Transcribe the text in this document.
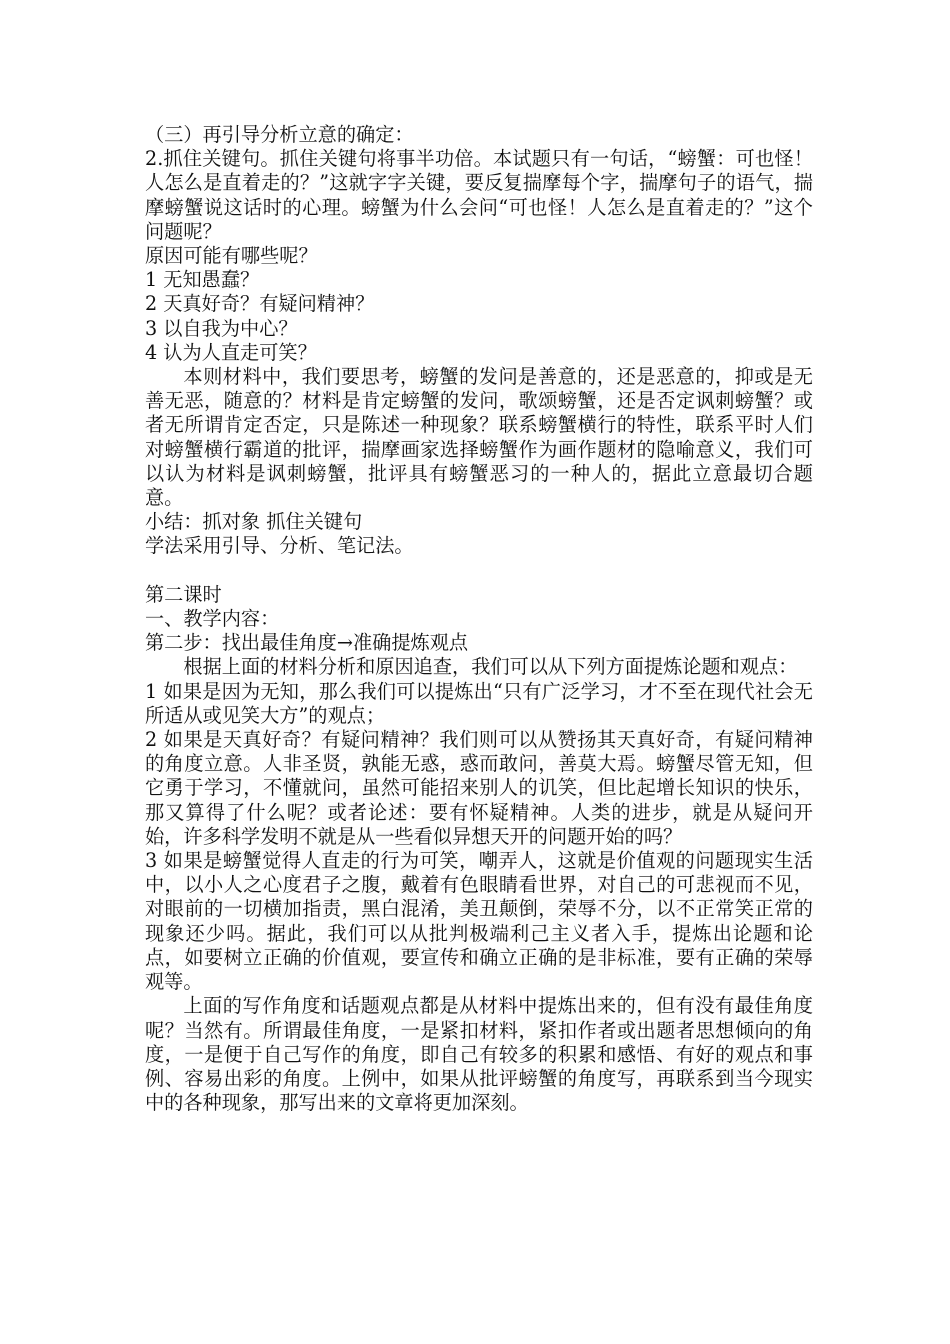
（三）再引导分析立意的确定：

2.抓住关键句。抓住关键句将事半功倍。本试题只有一句话，“螃蟹：可也怪！人怎么是直着走的？”这就字字关键，要反复揣摩每个字，揣摩句子的语气，揣摩螃蟹说这话时的心理。螃蟹为什么会问“可也怪！人怎么是直着走的？”这个问题呢？

原因可能有哪些呢？

1 无知愚蠢？

2 天真好奇？有疑问精神？

3 以自我为中心？

4 认为人直走可笑？

本则材料中，我们要思考，螃蟹的发问是善意的，还是恶意的，抑或是无善无恶，随意的？材料是肯定螃蟹的发问，歌颂螃蟹，还是否定讽刺螃蟹？或者无所谓肯定否定，只是陈述一种现象？联系螃蟹横行的特性，联系平时人们对螃蟹横行霸道的批评，揣摩画家选择螃蟹作为画作题材的隐喻意义，我们可以认为材料是讽刺螃蟹，批评具有螃蟹恶习的一种人的，据此立意最切合题意。

小结：抓对象 抓住关键句

学法采用引导、分析、笔记法。

第二课时

一、教学内容：

第二步：找出最佳角度→准确提炼观点

根据上面的材料分析和原因追查，我们可以从下列方面提炼论题和观点：

1 如果是因为无知，那么我们可以提炼出“只有广泛学习，才不至在现代社会无所适从或见笑大方”的观点；

2 如果是天真好奇？有疑问精神？我们则可以从赞扬其天真好奇，有疑问精神的角度立意。人非圣贤，孰能无惑，惑而敢问，善莫大焉。螃蟹尽管无知，但它勇于学习，不懂就问，虽然可能招来别人的讥笑，但比起增长知识的快乐，那又算得了什么呢？或者论述：要有怀疑精神。人类的进步，就是从疑问开始，许多科学发明不就是从一些看似异想天开的问题开始的吗？

3 如果是螃蟹觉得人直走的行为可笑，嘲弄人，这就是价值观的问题现实生活中，以小人之心度君子之腹，戴着有色眼睛看世界，对自己的可悲视而不见，对眼前的一切横加指责，黑白混淆，美丑颠倒，荣辱不分，以不正常笑正常的现象还少吗。据此，我们可以从批判极端利己主义者入手，提炼出论题和论点，如要树立正确的价值观，要宣传和确立正确的是非标准，要有正确的荣辱观等。

上面的写作角度和话题观点都是从材料中提炼出来的，但有没有最佳角度呢？当然有。所谓最佳角度，一是紧扣材料，紧扣作者或出题者思想倾向的角度，一是便于自己写作的角度，即自己有较多的积累和感悟、有好的观点和事例、容易出彩的角度。上例中，如果从批评螃蟹的角度写，再联系到当今现实中的各种现象，那写出来的文章将更加深刻。
